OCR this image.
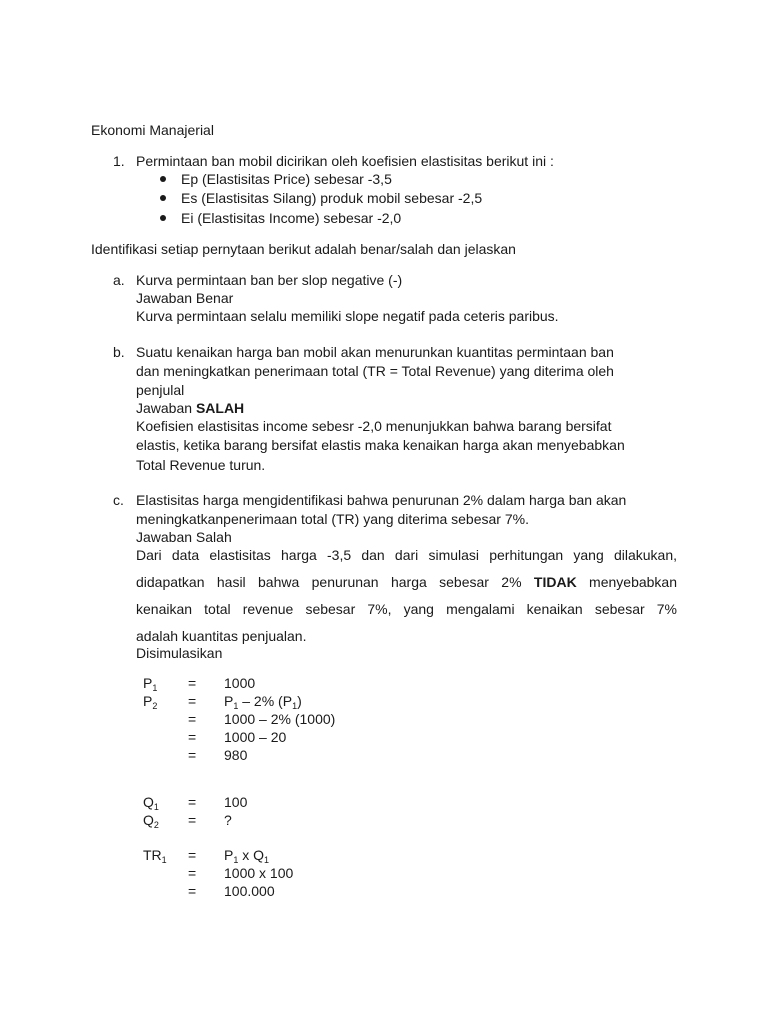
Ekonomi Manajerial
1. Permintaan ban mobil dicirikan oleh koefisien elastisitas berikut ini :
Ep (Elastisitas Price) sebesar -3,5
Es (Elastisitas Silang) produk mobil sebesar -2,5
Ei (Elastisitas Income) sebesar -2,0
Identifikasi setiap pernytaan berikut adalah benar/salah dan jelaskan
a. Kurva permintaan ban ber slop negative (-)
Jawaban Benar
Kurva permintaan selalu memiliki slope negatif pada ceteris paribus.
b. Suatu kenaikan harga ban mobil akan menurunkan kuantitas permintaan ban
dan meningkatkan penerimaan total (TR = Total Revenue) yang diterima oleh
penjulal
Jawaban SALAH
Koefisien elastisitas income sebesr -2,0 menunjukkan bahwa barang bersifat
elastis, ketika barang bersifat elastis maka kenaikan harga akan menyebabkan
Total Revenue turun.
c. Elastisitas harga mengidentifikasi bahwa penurunan 2% dalam harga ban akan
meningkatkanpenerimaan total (TR) yang diterima sebesar 7%.
Jawaban Salah
Dari data elastisitas harga -3,5 dan dari simulasi perhitungan yang dilakukan,
didapatkan hasil bahwa penurunan harga sebesar 2% TIDAK menyebabkan
kenaikan total revenue sebesar 7%, yang mengalami kenaikan sebesar 7%
adalah kuantitas penjualan.
Disimulasikan
$P_1 = 1000$
$P_2 = P_1 - 2\%$ $(P_1)$
= 1000 – 2% (1000)
= 1000 – 20
= 980
$Q_1 = 100$
$Q_2$ = ?
$TR_1 = P_1$ x $Q_1$
= 1000 x 100
= 100.000
